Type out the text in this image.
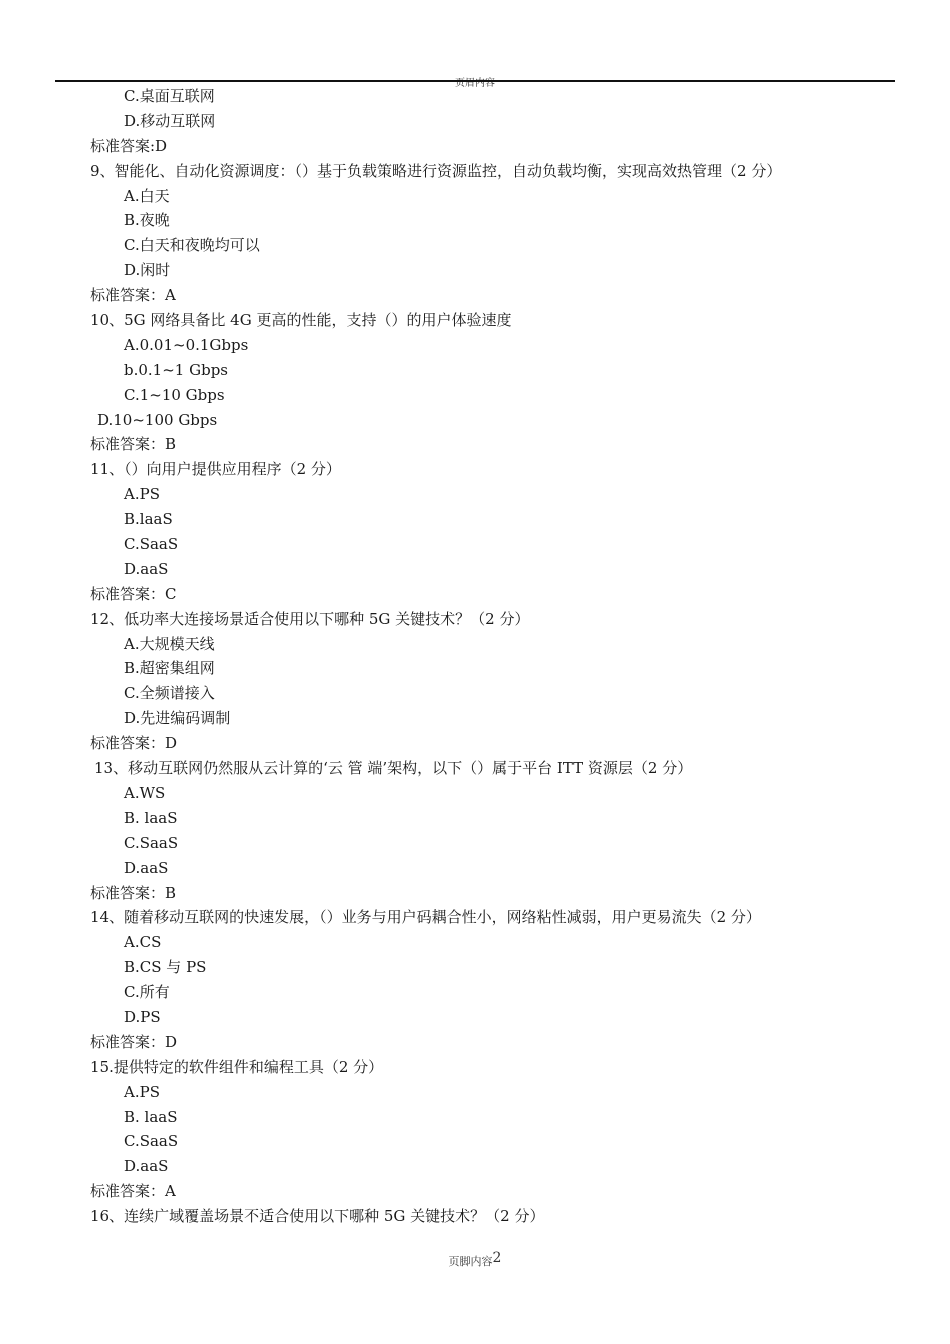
页眉内容
C.桌面互联网
D.移动互联网
标准答案:D
9、智能化、自动化资源调度：（）基于负载策略进行资源监控，自动负载均衡，实现高效热管理（2 分）
A.白天
B.夜晚
C.白天和夜晚均可以
D.闲时
标准答案：A
10、5G 网络具备比 4G 更高的性能，支持（）的用户体验速度
A.0.01~0.1Gbps
b.0.1~1 Gbps
C.1~10 Gbps
D.10~100 Gbps
标准答案：B
11、（）向用户提供应用程序（2 分）
A.PS
B.laaS
C.SaaS
D.aaS
标准答案：C
12、低功率大连接场景适合使用以下哪种 5G 关键技术？（2 分）
A.大规模天线
B.超密集组网
C.全频谱接入
D.先进编码调制
标准答案：D
13、移动互联网仍然服从云计算的‘云 管 端’架构，以下（）属于平台 ITT 资源层（2 分）
A.WS
B. laaS
C.SaaS
D.aaS
标准答案：B
14、随着移动互联网的快速发展，（）业务与用户码耦合性小，网络粘性减弱，用户更易流失（2 分）
A.CS
B.CS 与 PS
C.所有
D.PS
标准答案：D
15.提供特定的软件组件和编程工具（2 分）
A.PS
B. laaS
C.SaaS
D.aaS
标准答案：A
16、连续广域覆盖场景不适合使用以下哪种 5G 关键技术？（2 分）
页脚内容2
